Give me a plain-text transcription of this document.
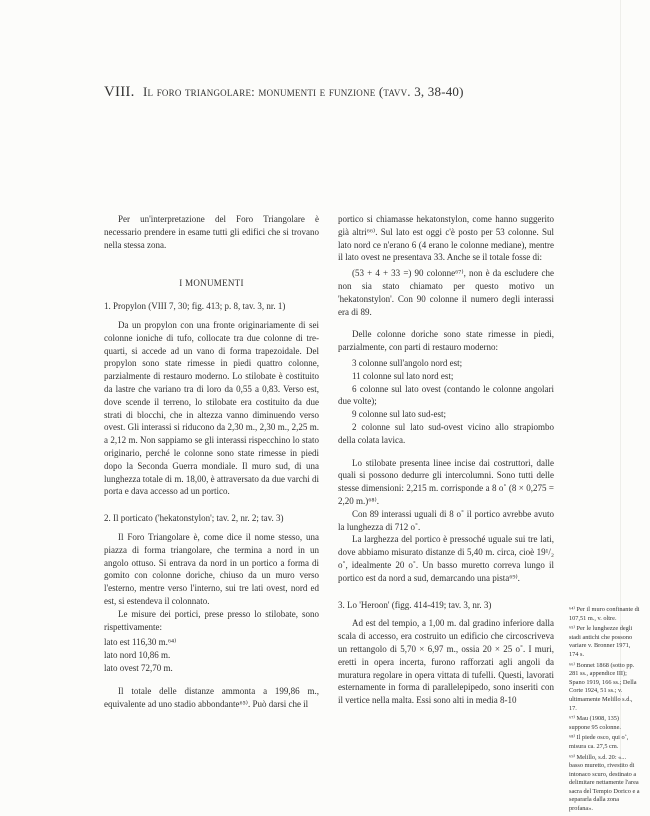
VIII. Il foro triangolare: monumenti e funzione (tavv. 3, 38-40)

Per un'interpretazione del Foro Triangolare è necessario prendere in esame tutti gli edifici che si trovano nella stessa zona.

I MONUMENTI

1. Propylon (VIII 7, 30; fig. 413; p. 8, tav. 3, nr. 1)

Da un propylon con una fronte originariamente di sei colonne ioniche di tufo, collocate tra due colonne di tre-quarti, si accede ad un vano di forma trapezoidale. Del propylon sono state rimesse in piedi quattro colonne, parzialmente di restauro moderno. Lo stilobate è costituito da lastre che variano tra di loro da 0,55 a 0,83. Verso est, dove scende il terreno, lo stilobate era costituito da due strati di blocchi, che in altezza vanno diminuendo verso ovest. Gli interassi si riducono da 2,30 m., 2,30 m., 2,25 m. a 2,12 m. Non sappiamo se gli interassi rispecchino lo stato originario, perché le colonne sono state rimesse in piedi dopo la Seconda Guerra mondiale. Il muro sud, di una lunghezza totale di m. 18,00, è attraversato da due varchi di porta e dava accesso ad un portico.

2. Il porticato ('hekatonstylon'; tav. 2, nr. 2; tav. 3)

Il Foro Triangolare è, come dice il nome stesso, una piazza di forma triangolare, che termina a nord in un angolo ottuso. Si entrava da nord in un portico a forma di gomito con colonne doriche, chiuso da un muro verso l'esterno, mentre verso l'interno, sui tre lati ovest, nord ed est, si estendeva il colonnato.

Le misure dei portici, prese presso lo stilobate, sono rispettivamente:

lato est 116,30 m.⁶⁴⁾

lato nord 10,86 m.

lato ovest 72,70 m.

Il totale delle distanze ammonta a 199,86 m., equivalente ad uno stadio abbondante⁶⁵⁾. Può darsi che il

portico si chiamasse hekatonstylon, come hanno suggerito già altri⁶⁶⁾. Sul lato est oggi c'è posto per 53 colonne. Sul lato nord ce n'erano 6 (4 erano le colonne mediane), mentre il lato ovest ne presentava 33. Anche se il totale fosse di:

(53 + 4 + 33 =) 90 colonne⁶⁷⁾, non è da escludere che non sia stato chiamato per questo motivo un 'hekatonstylon'. Con 90 colonne il numero degli interassi era di 89.

Delle colonne doriche sono state rimesse in piedi, parzialmente, con parti di restauro moderno:

3 colonne sull'angolo nord est;

11 colonne sul lato nord est;

6 colonne sul lato ovest (contando le colonne angolari due volte);

9 colonne sul lato sud-est;

2 colonne sul lato sud-ovest vicino allo strapiombo della colata lavica.

Lo stilobate presenta linee incise dai costruttori, dalle quali si possono dedurre gli intercolumni. Sono tutti delle stesse dimensioni: 2,215 m. corrisponde a 8 o˚ (8 × 0,275 = 2,20 m.)⁶⁸⁾.

Con 89 interassi uguali di 8 o˚ il portico avrebbe avuto la lunghezza di 712 o˚.

La larghezza del portico è pressoché uguale sui tre lati, dove abbiamo misurato distanze di 5,40 m. circa, cioè 19¹/₂ o˚, idealmente 20 o˚. Un basso muretto correva lungo il portico est da nord a sud, demarcando una pista⁶⁹⁾.

3. Lo 'Heroon' (figg. 414-419; tav. 3, nr. 3)

Ad est del tempio, a 1,00 m. dal gradino inferiore dalla scala di accesso, era costruito un edificio che circoscriveva un rettangolo di 5,70 × 6,97 m., ossia 20 × 25 o˚. I muri, eretti in opera incerta, furono rafforzati agli angoli da muratura regolare in opera vittata di tufelli. Questi, lavorati esternamente in forma di parallelepipedo, sono inseriti con il vertice nella malta. Essi sono alti in media 8-10

⁶⁴⁾ Per il muro confinante di 107,51 m., v. oltre.

⁶⁵⁾ Per le lunghezze degli stadi antichi che possono variare v. Bronner 1971, 174 s.

⁶⁶⁾ Bonnet 1868 (sotto pp. 281 ss., appendice III); Spano 1919, 166 ss.; Della Corte 1924, 51 ss.; v. ultimamente Melillo s.d., 17.

⁶⁷⁾ Mau (1908, 135) suppone 95 colonne.

⁶⁸⁾ Il piede osco, qui o˚, misura ca. 27,5 cm.

⁶⁹⁾ Melillo, s.d. 20: «... basso muretto, rivestito di intonaco scuro, destinato a delimitare nettamente l'area sacra del Tempio Dorico e a separarla dalla zona profana».
